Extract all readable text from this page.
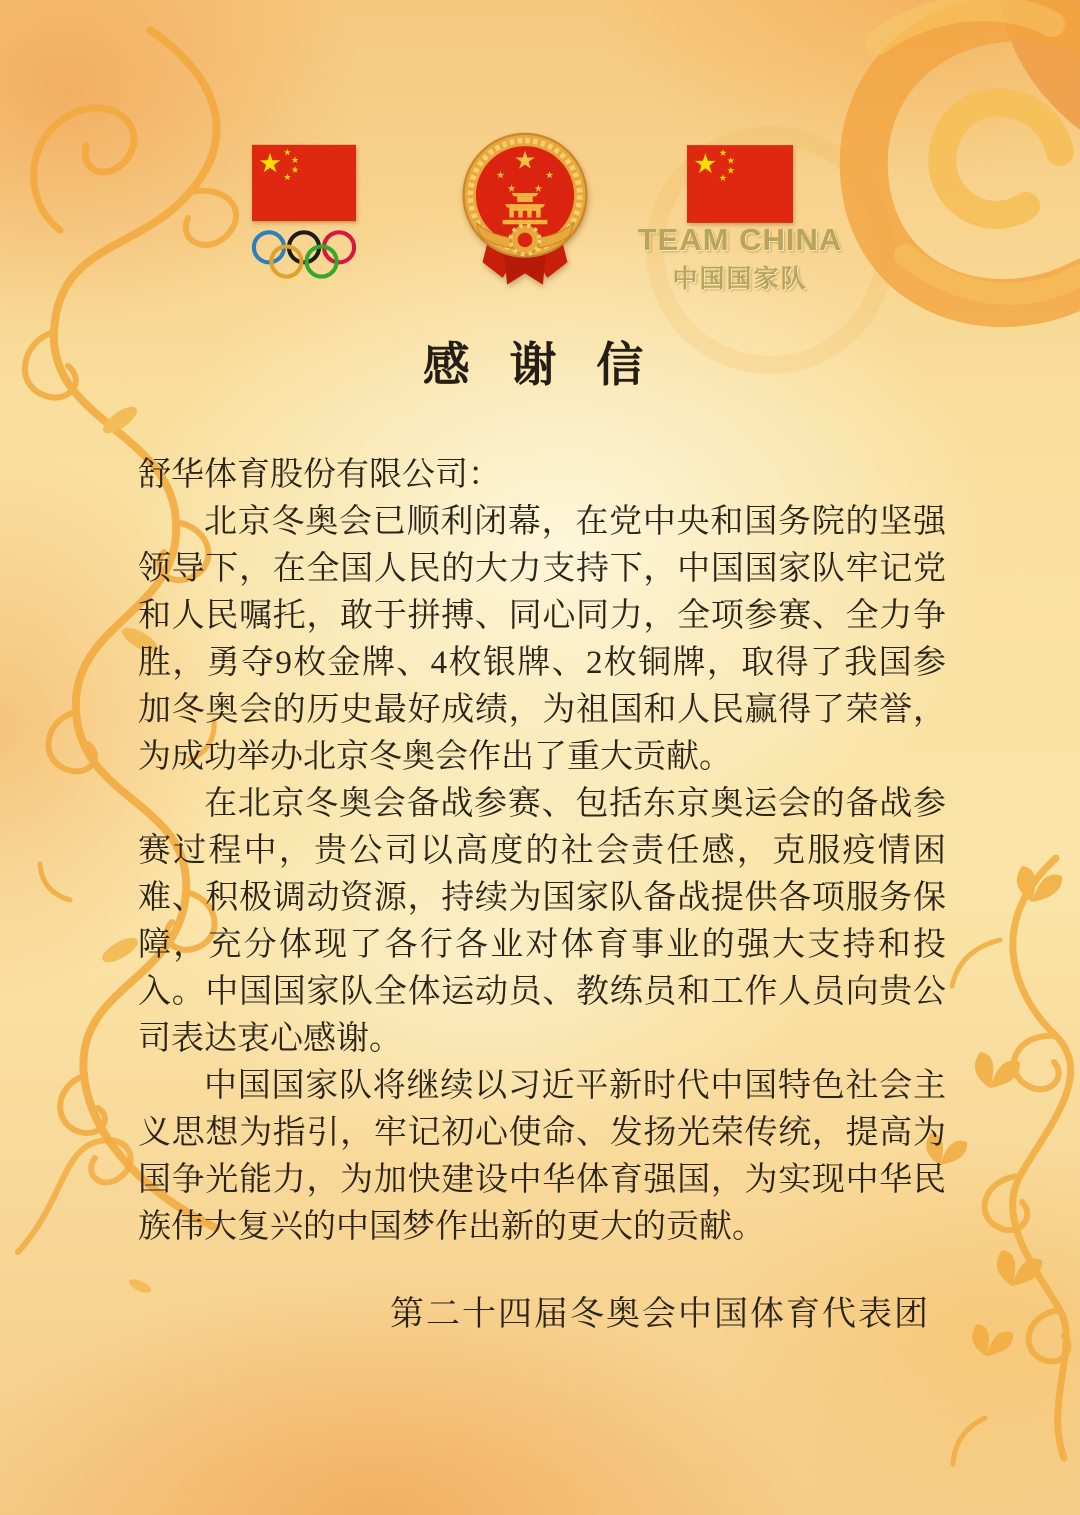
TEAM CHINA
中国国家队
感 谢 信

舒华体育股份有限公司：

北京冬奥会已顺利闭幕，在党中央和国务院的坚强领导下，在全国人民的大力支持下，中国国家队牢记党和人民嘱托，敢于拼搏、同心同力，全项参赛、全力争胜，勇夺9枚金牌、4枚银牌、2枚铜牌，取得了我国参加冬奥会的历史最好成绩，为祖国和人民赢得了荣誉，为成功举办北京冬奥会作出了重大贡献。

在北京冬奥会备战参赛、包括东京奥运会的备战参赛过程中，贵公司以高度的社会责任感，克服疫情困难、积极调动资源，持续为国家队备战提供各项服务保障，充分体现了各行各业对体育事业的强大支持和投入。中国国家队全体运动员、教练员和工作人员向贵公司表达衷心感谢。

中国国家队将继续以习近平新时代中国特色社会主义思想为指引，牢记初心使命、发扬光荣传统，提高为国争光能力，为加快建设中华体育强国，为实现中华民族伟大复兴的中国梦作出新的更大的贡献。

第二十四届冬奥会中国体育代表团
